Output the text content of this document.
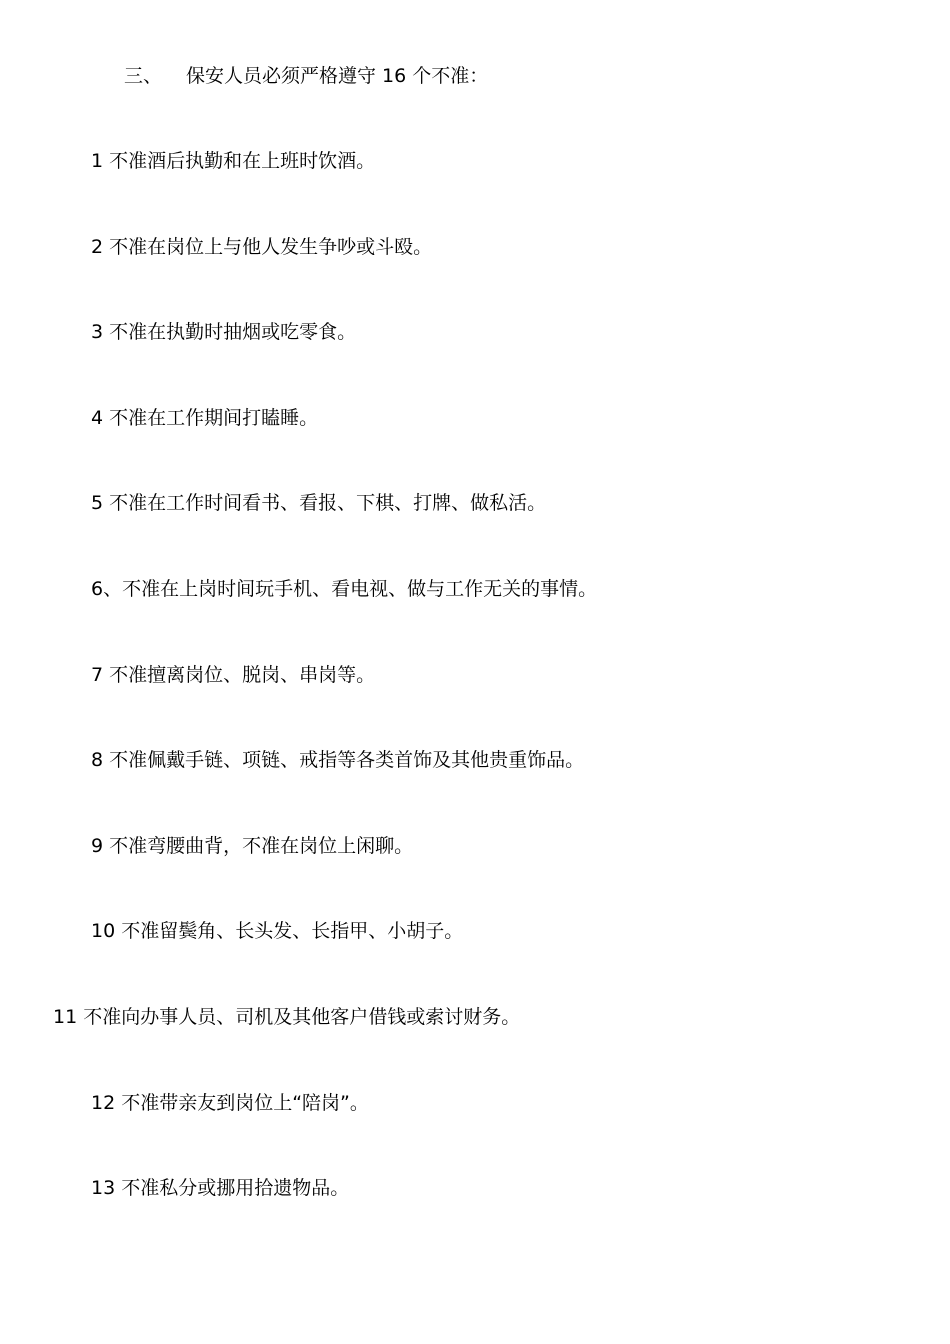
三、 保安人员必须严格遵守 16 个不准：
1 不准酒后执勤和在上班时饮酒。
2 不准在岗位上与他人发生争吵或斗殴。
3 不准在执勤时抽烟或吃零食。
4 不准在工作期间打瞌睡。
5 不准在工作时间看书、看报、下棋、打牌、做私活。
6、不准在上岗时间玩手机、看电视、做与工作无关的事情。
7 不准擅离岗位、脱岗、串岗等。
8 不准佩戴手链、项链、戒指等各类首饰及其他贵重饰品。
9 不准弯腰曲背，不准在岗位上闲聊。
10 不准留鬓角、长头发、长指甲、小胡子。
11 不准向办事人员、司机及其他客户借钱或索讨财务。
12 不准带亲友到岗位上“陪岗”。
13 不准私分或挪用拾遗物品。
